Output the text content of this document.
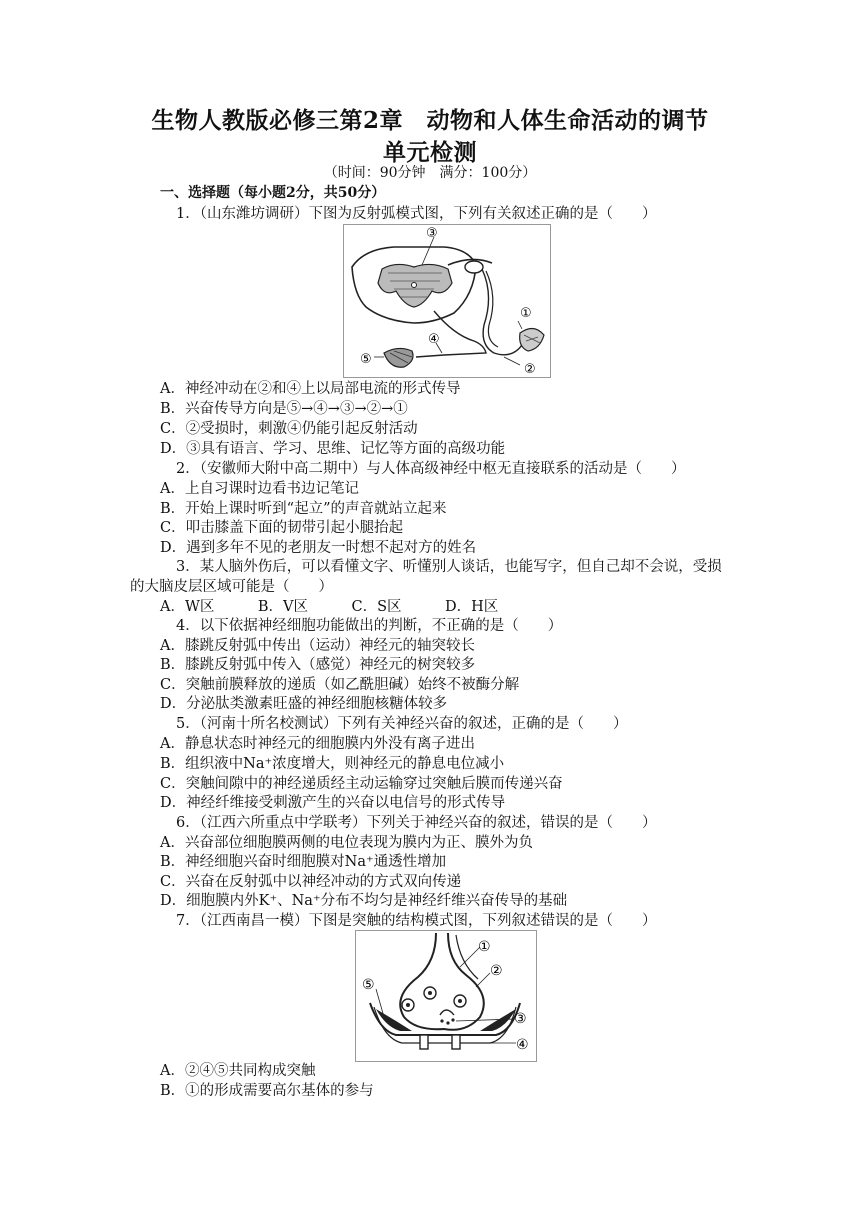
生物人教版必修三第2章　动物和人体生命活动的调节
单元检测
（时间：90分钟　满分：100分）
一、选择题（每小题2分，共50分）
1．（山东潍坊调研）下图为反射弧模式图，下列有关叙述正确的是（　　）
③
①
②
④
⑤
A．神经冲动在②和④上以局部电流的形式传导
B．兴奋传导方向是⑤→④→③→②→①
C．②受损时，刺激④仍能引起反射活动
D．③具有语言、学习、思维、记忆等方面的高级功能
2．（安徽师大附中高二期中）与人体高级神经中枢无直接联系的活动是（　　）
A．上自习课时边看书边记笔记
B．开始上课时听到“起立”的声音就站立起来
C．叩击膝盖下面的韧带引起小腿抬起
D．遇到多年不见的老朋友一时想不起对方的姓名
3．某人脑外伤后，可以看懂文字、听懂别人谈话，也能写字，但自己却不会说，受损
的大脑皮层区域可能是（　　）
A．W区　　　B．V区　　　C．S区　　　D．H区
4．以下依据神经细胞功能做出的判断，不正确的是（　　）
A．膝跳反射弧中传出（运动）神经元的轴突较长
B．膝跳反射弧中传入（感觉）神经元的树突较多
C．突触前膜释放的递质（如乙酰胆碱）始终不被酶分解
D．分泌肽类激素旺盛的神经细胞核糖体较多
5．（河南十所名校测试）下列有关神经兴奋的叙述，正确的是（　　）
A．静息状态时神经元的细胞膜内外没有离子进出
B．组织液中Na⁺浓度增大，则神经元的静息电位减小
C．突触间隙中的神经递质经主动运输穿过突触后膜而传递兴奋
D．神经纤维接受刺激产生的兴奋以电信号的形式传导
6．（江西六所重点中学联考）下列关于神经兴奋的叙述，错误的是（　　）
A．兴奋部位细胞膜两侧的电位表现为膜内为正、膜外为负
B．神经细胞兴奋时细胞膜对Na⁺通透性增加
C．兴奋在反射弧中以神经冲动的方式双向传递
D．细胞膜内外K⁺、Na⁺分布不均匀是神经纤维兴奋传导的基础
7．（江西南昌一模）下图是突触的结构模式图，下列叙述错误的是（　　）
①
②
③
④
⑤
A．②④⑤共同构成突触
B．①的形成需要高尔基体的参与
